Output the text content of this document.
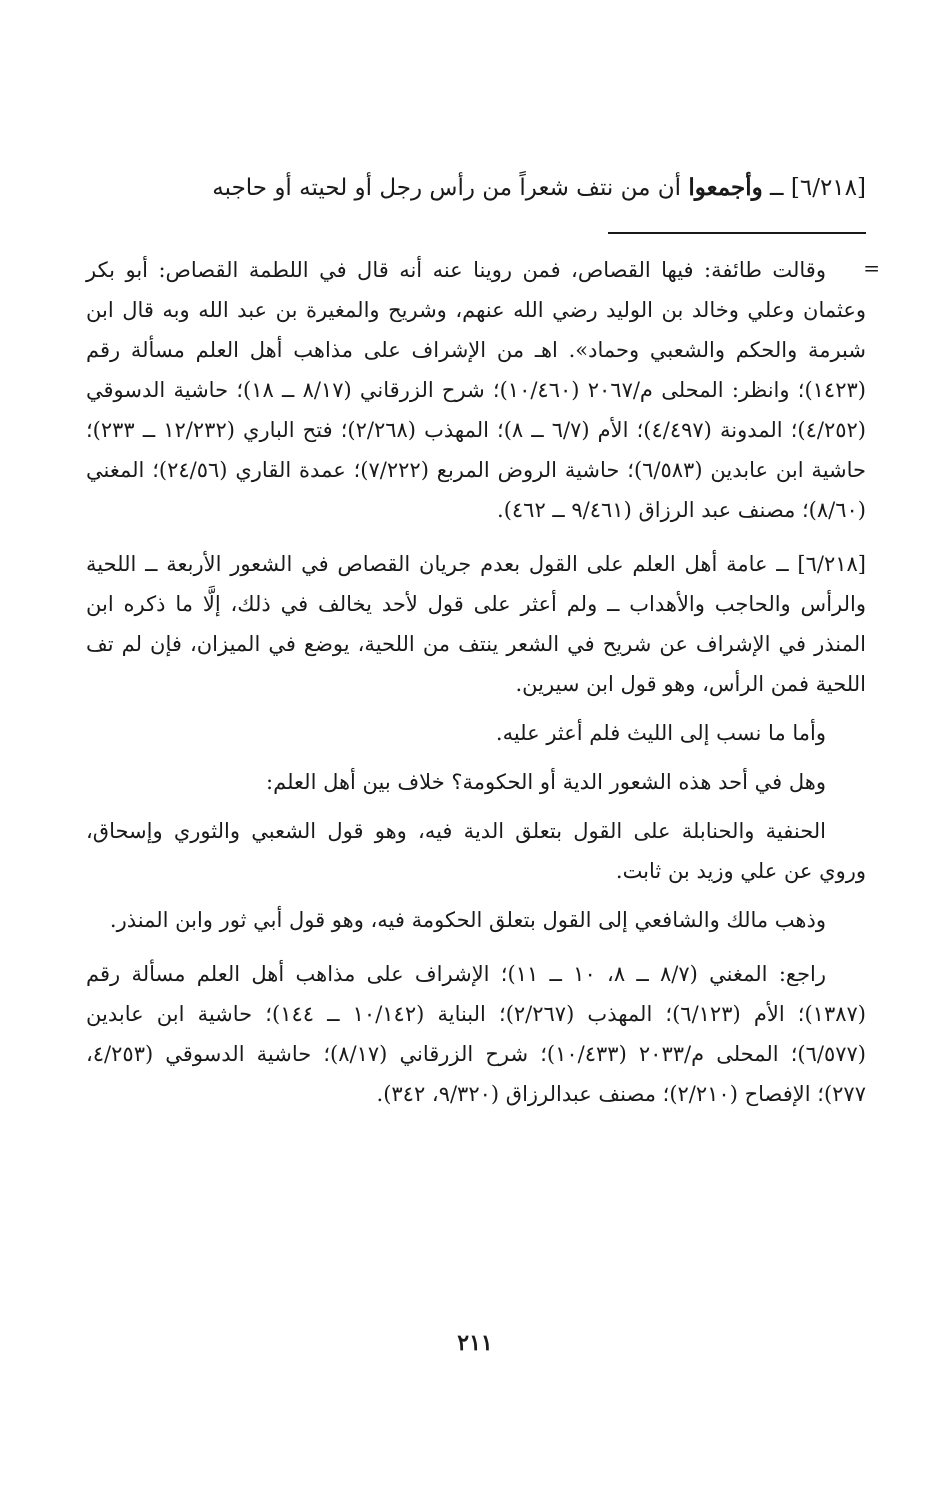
[٦/٢١٨] ــ وأجمعوا أن من نتف شعراً من رأس رجل أو لحيته أو حاجبه
=

وقالت طائفة: فيها القصاص، فمن روينا عنه أنه قال في اللطمة القصاص: أبو بكر وعثمان وعلي وخالد بن الوليد رضي الله عنهم، وشريح والمغيرة بن عبد الله وبه قال ابن شبرمة والحكم والشعبي وحماد». اهـ من الإشراف على مذاهب أهل العلم مسألة رقم (١٤٢٣)؛ وانظر: المحلى م/٢٠٦٧ (١٠/٤٦٠)؛ شرح الزرقاني (٨/١٧ ــ ١٨)؛ حاشية الدسوقي (٤/٢٥٢)؛ المدونة (٤/٤٩٧)؛ الأم (٦/٧ ــ ٨)؛ المهذب (٢/٢٦٨)؛ فتح الباري (١٢/٢٣٢ ــ ٢٣٣)؛ حاشية ابن عابدين (٦/٥٨٣)؛ حاشية الروض المربع (٧/٢٢٢)؛ عمدة القاري (٢٤/٥٦)؛ المغني (٨/٦٠)؛ مصنف عبد الرزاق (٩/٤٦١ ــ ٤٦٢).

[٦/٢١٨] ــ عامة أهل العلم على القول بعدم جريان القصاص في الشعور الأربعة ــ اللحية والرأس والحاجب والأهداب ــ ولم أعثر على قول لأحد يخالف في ذلك، إلَّا ما ذكره ابن المنذر في الإشراف عن شريح في الشعر ينتف من اللحية، يوضع في الميزان، فإن لم تف اللحية فمن الرأس، وهو قول ابن سيرين.

وأما ما نسب إلى الليث فلم أعثر عليه.

وهل في أحد هذه الشعور الدية أو الحكومة؟ خلاف بين أهل العلم:

الحنفية والحنابلة على القول بتعلق الدية فيه، وهو قول الشعبي والثوري وإسحاق، وروي عن علي وزيد بن ثابت.

وذهب مالك والشافعي إلى القول بتعلق الحكومة فيه، وهو قول أبي ثور وابن المنذر.

راجع: المغني (٨/٧ ــ ٨، ١٠ ــ ١١)؛ الإشراف على مذاهب أهل العلم مسألة رقم (١٣٨٧)؛ الأم (٦/١٢٣)؛ المهذب (٢/٢٦٧)؛ البناية (١٠/١٤٢ ــ ١٤٤)؛ حاشية ابن عابدين (٦/٥٧٧)؛ المحلى م/٢٠٣٣ (١٠/٤٣٣)؛ شرح الزرقاني (٨/١٧)؛ حاشية الدسوقي (٤/٢٥٣، ٢٧٧)؛ الإفصاح (٢/٢١٠)؛ مصنف عبدالرزاق (٩/٣٢٠، ٣٤٢).

٢١١
